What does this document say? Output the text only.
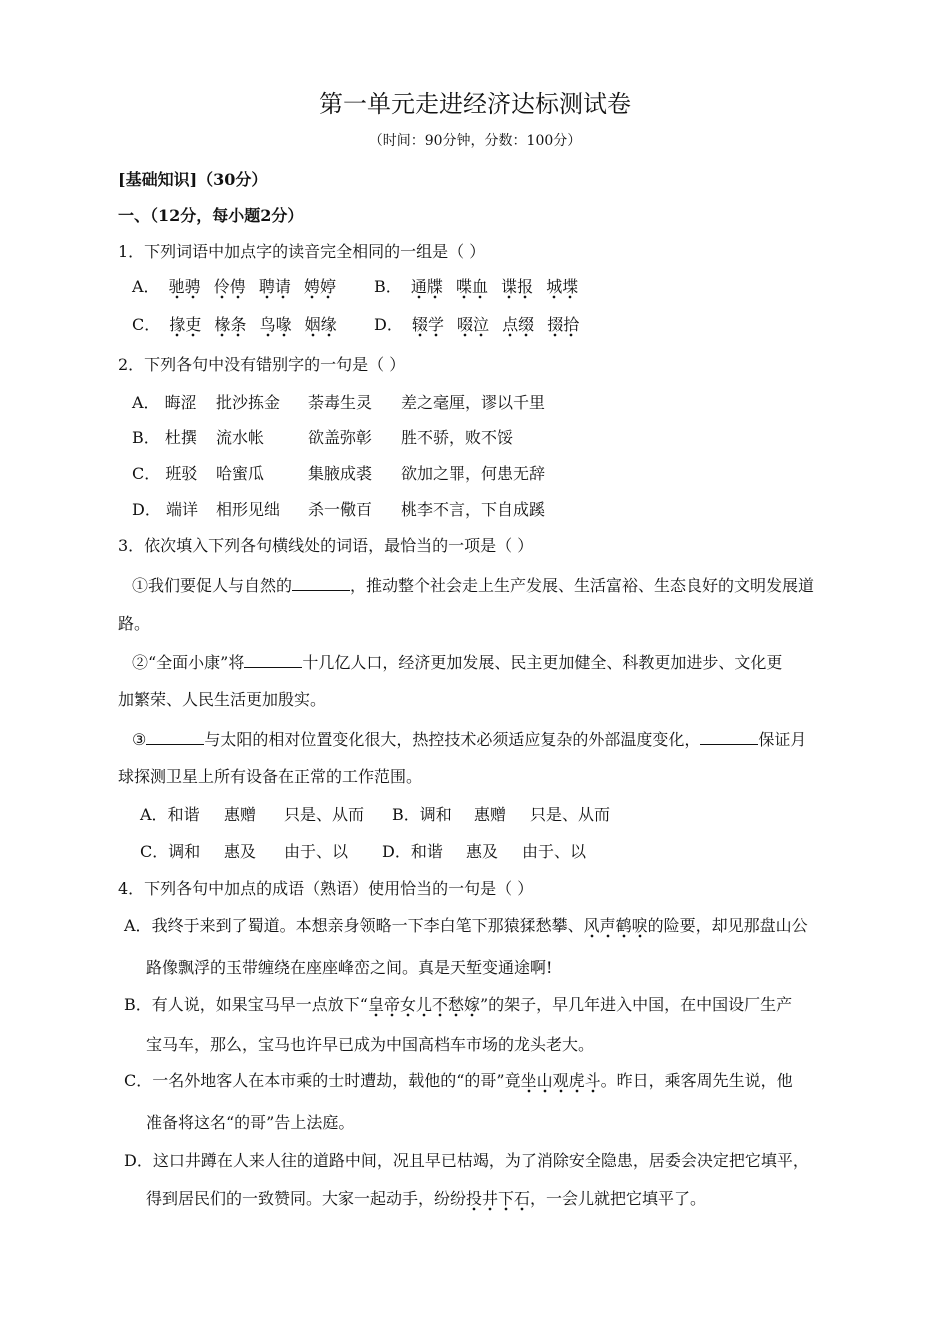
第一单元走进经济达标测试卷
（时间：90分钟，分数：100分）
[基础知识]（30分）
一、（12分，每小题2分）
1．下列词语中加点字的读音完全相同的一组是（ ）
A． 驰骋 伶俜 聘请 娉婷 B． 通牒 喋血 谍报 城堞
C． 掾吏 椽条 鸟喙 姻缘 D． 辍学 啜泣 点缀 掇拾
2．下列各句中没有错别字的一句是（ ）
A． 晦涩 批沙拣金 荼毒生灵 差之毫厘，谬以千里
B． 杜撰 流水帐	欲盖弥彰 胜不骄，败不馁
C． 班驳 哈蜜瓜	集腋成裘 欲加之罪，何患无辞
D． 端详 相形见绌 杀一儆百 桃李不言，下自成蹊
3．依次填入下列各句横线处的词语，最恰当的一项是（ ）
①我们要促人与自然的	，推动整个社会走上生产发展、生活富裕、生态良好的文明发展道
路。
②“全面小康”将	十几亿人口，经济更加发展、民主更加健全、科教更加进步、文化更
加繁荣、人民生活更加殷实。
③	与太阳的相对位置变化很大，热控技术必须适应复杂的外部温度变化，	保证月
球探测卫星上所有设备在正常的工作范围。
A．和谐 惠赠 只是、从而 B．调和 惠赠 只是、从而
C．调和 惠及 由于、以 D．和谐 惠及 由于、以
4．下列各句中加点的成语（熟语）使用恰当的一句是（ ）
A．我终于来到了蜀道。本想亲身领略一下李白笔下那猿猱愁攀、风声鹤唳的险要，却见那盘山公
路像飘浮的玉带缠绕在座座峰峦之间。真是天堑变通途啊!
B．有人说，如果宝马早一点放下“皇帝女儿不愁嫁”的架子，早几年进入中国，在中国设厂生产
宝马车，那么，宝马也许早已成为中国高档车市场的龙头老大。
C．一名外地客人在本市乘的士时遭劫，载他的“的哥”竟坐山观虎斗。昨日，乘客周先生说，他
准备将这名“的哥”告上法庭。
D．这口井蹲在人来人往的道路中间，况且早已枯竭，为了消除安全隐患，居委会决定把它填平，
得到居民们的一致赞同。大家一起动手，纷纷投井下石，一会儿就把它填平了。
